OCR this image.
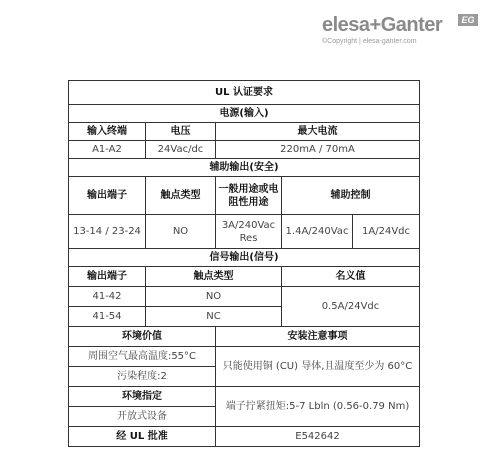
elesa+Ganter	EG
©Copyright | elesa-ganter.com
UL 认证要求				
电源(输入)				
输入终端	电压	最大电流		
A1-A2	24Vac/dc	220mA / 70mA		
辅助输出(安全)				
输出端子	触点类型	一般用途或电阻性用途	辅助控制	
13-14 / 23-24	NO	3A/240Vac Res	1.4A/240Vac	1A/24Vdc
信号输出(信号)				
输出端子	触点类型		名义值	
41-42	NO		0.5A/24Vdc	
41-54	NC			
环境价值		安装注意事项		
周围空气最高温度:55°C		只能使用铜 (CU) 导体,且温度至少为 60°C		
污染程度:2				
环境指定		端子拧紧扭矩:5-7 Lbln (0.56-0.79 Nm)		
开放式设备				
经 UL 批准		E542642		
